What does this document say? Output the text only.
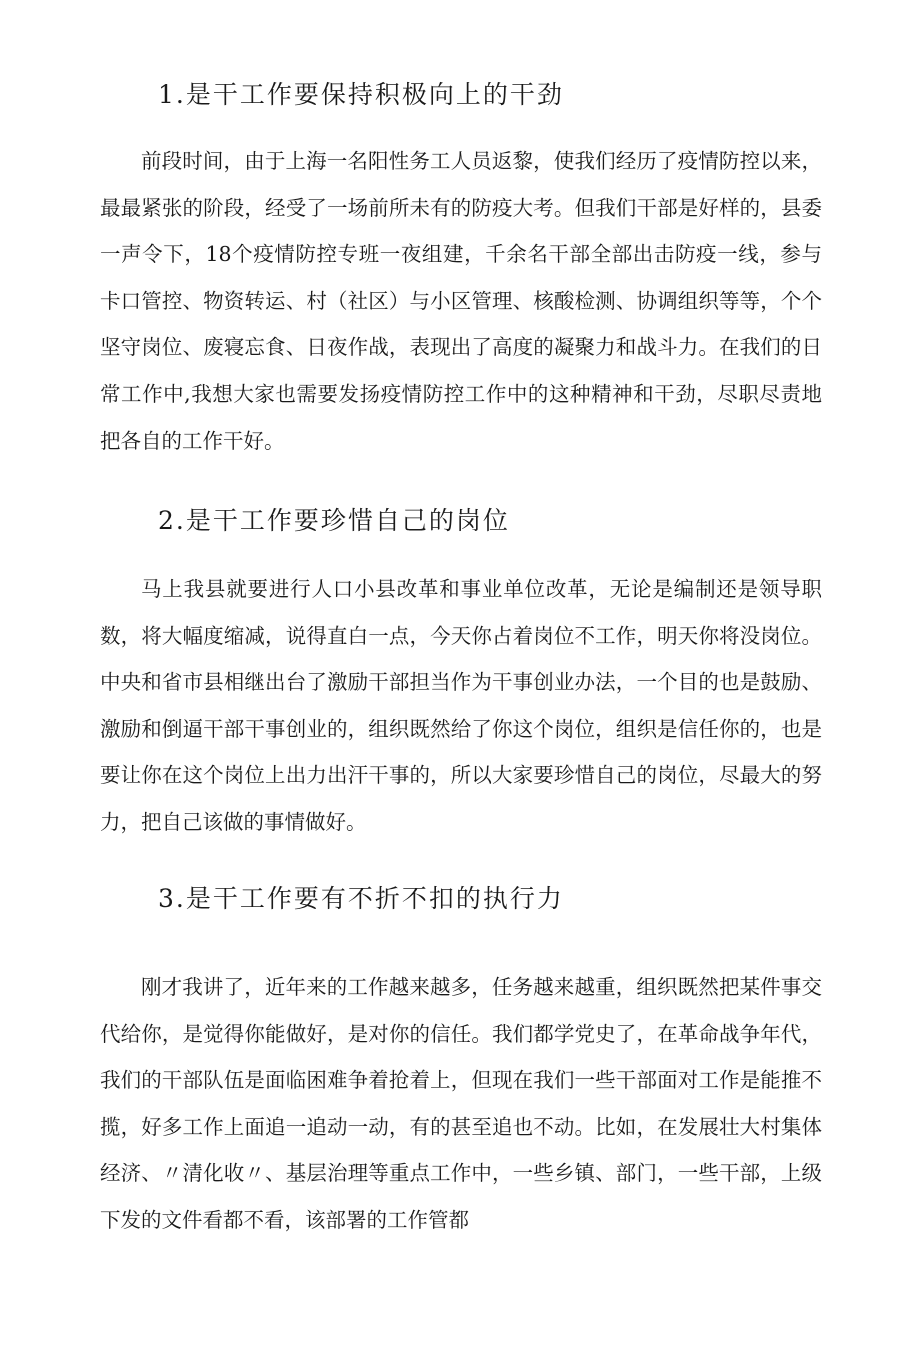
1.是干工作要保持积极向上的干劲

前段时间，由于上海一名阳性务工人员返黎，使我们经历了疫情防控以来，最最紧张的阶段，经受了一场前所未有的防疫大考。但我们干部是好样的，县委一声令下，18个疫情防控专班一夜组建，千余名干部全部出击防疫一线，参与卡口管控、物资转运、村（社区）与小区管理、核酸检测、协调组织等等，个个坚守岗位、废寝忘食、日夜作战，表现出了高度的凝聚力和战斗力。在我们的日常工作中,我想大家也需要发扬疫情防控工作中的这种精神和干劲，尽职尽责地把各自的工作干好。

2.是干工作要珍惜自己的岗位

马上我县就要进行人口小县改革和事业单位改革，无论是编制还是领导职数，将大幅度缩减，说得直白一点，今天你占着岗位不工作，明天你将没岗位。中央和省市县相继出台了激励干部担当作为干事创业办法，一个目的也是鼓励、激励和倒逼干部干事创业的，组织既然给了你这个岗位，组织是信任你的，也是要让你在这个岗位上出力出汗干事的，所以大家要珍惜自己的岗位，尽最大的努力，把自己该做的事情做好。

3.是干工作要有不折不扣的执行力

刚才我讲了，近年来的工作越来越多，任务越来越重，组织既然把某件事交代给你，是觉得你能做好，是对你的信任。我们都学党史了，在革命战争年代，我们的干部队伍是面临困难争着抢着上，但现在我们一些干部面对工作是能推不揽，好多工作上面追一追动一动，有的甚至追也不动。比如，在发展壮大村集体经济、〃清化收〃、基层治理等重点工作中，一些乡镇、部门，一些干部，上级下发的文件看都不看，该部署的工作管都
